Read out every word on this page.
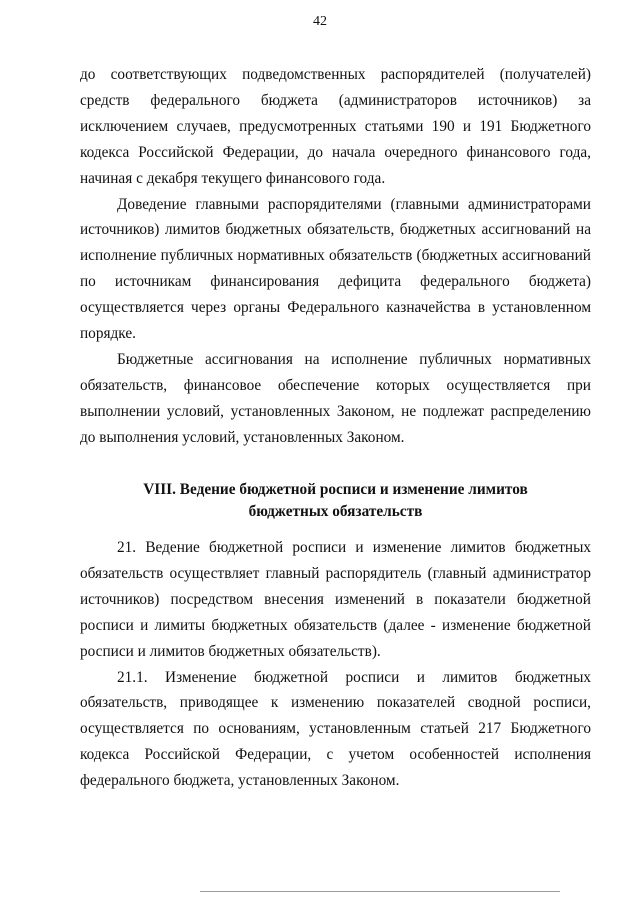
42

до соответствующих подведомственных распорядителей (получателей) средств федерального бюджета (администраторов источников) за исключением случаев, предусмотренных статьями 190 и 191 Бюджетного кодекса Российской Федерации, до начала очередного финансового года, начиная с декабря текущего финансового года.

Доведение главными распорядителями (главными администраторами источников) лимитов бюджетных обязательств, бюджетных ассигнований на исполнение публичных нормативных обязательств (бюджетных ассигнований по источникам финансирования дефицита федерального бюджета) осуществляется через органы Федерального казначейства в установленном порядке.

Бюджетные ассигнования на исполнение публичных нормативных обязательств, финансовое обеспечение которых осуществляется при выполнении условий, установленных Законом, не подлежат распределению до выполнения условий, установленных Законом.

VIII. Ведение бюджетной росписи и изменение лимитов
бюджетных обязательств

21. Ведение бюджетной росписи и изменение лимитов бюджетных обязательств осуществляет главный распорядитель (главный администратор источников) посредством внесения изменений в показатели бюджетной росписи и лимиты бюджетных обязательств (далее - изменение бюджетной росписи и лимитов бюджетных обязательств).

21.1. Изменение бюджетной росписи и лимитов бюджетных обязательств, приводящее к изменению показателей сводной росписи, осуществляется по основаниям, установленным статьей 217 Бюджетного кодекса Российской Федерации, с учетом особенностей исполнения федерального бюджета, установленных Законом.
